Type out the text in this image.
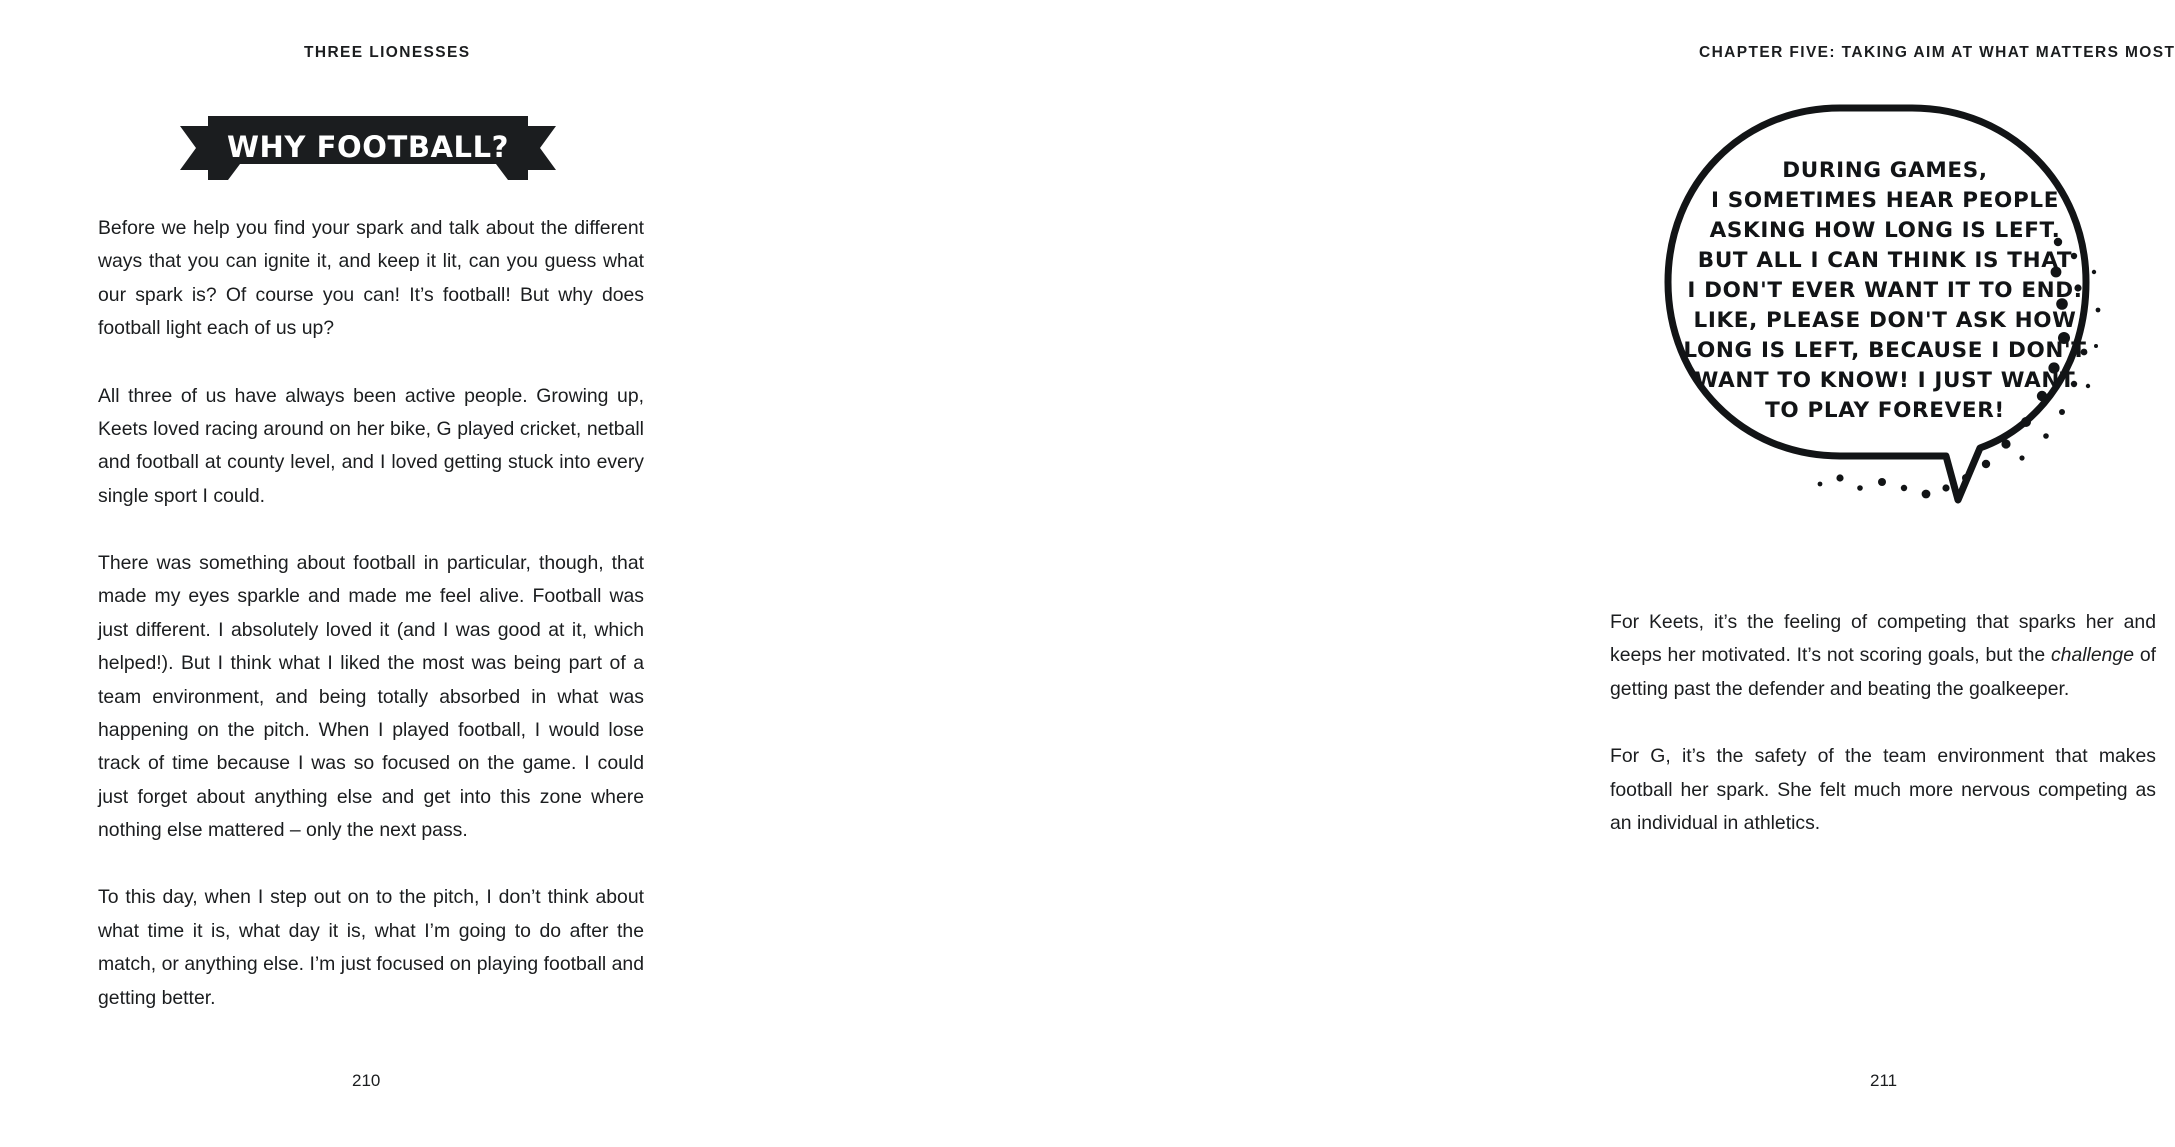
THREE LIONESSES
WHY FOOTBALL?

Before we help you find your spark and talk about the different ways that you can ignite it, and keep it lit, can you guess what our spark is? Of course you can! It’s football! But why does football light each of us up?

All three of us have always been active people. Growing up, Keets loved racing around on her bike, G played cricket, netball and football at county level, and I loved getting stuck into every single sport I could.

There was something about football in particular, though, that made my eyes sparkle and made me feel alive. Football was just different. I absolutely loved it (and I was good at it, which helped!). But I think what I liked the most was being part of a team environment, and being totally absorbed in what was happening on the pitch. When I played football, I would lose track of time because I was so focused on the game. I could just forget about anything else and get into this zone where nothing else mattered – only the next pass.

To this day, when I step out on to the pitch, I don’t think about what time it is, what day it is, what I’m going to do after the match, or anything else. I’m just focused on playing football and getting better.

210
CHAPTER FIVE: TAKING AIM AT WHAT MATTERS MOST
DURING GAMES,
I SOMETIMES HEAR PEOPLE
ASKING HOW LONG IS LEFT.
BUT ALL I CAN THINK IS THAT
I DON'T EVER WANT IT TO END.
LIKE, PLEASE DON'T ASK HOW
LONG IS LEFT, BECAUSE I DON'T
WANT TO KNOW! I JUST WANT
TO PLAY FOREVER!

For Keets, it’s the feeling of competing that sparks her and keeps her motivated. It’s not scoring goals, but the challenge of getting past the defender and beating the goalkeeper.

For G, it’s the safety of the team environment that makes football her spark. She felt much more nervous competing as an individual in athletics.

211
